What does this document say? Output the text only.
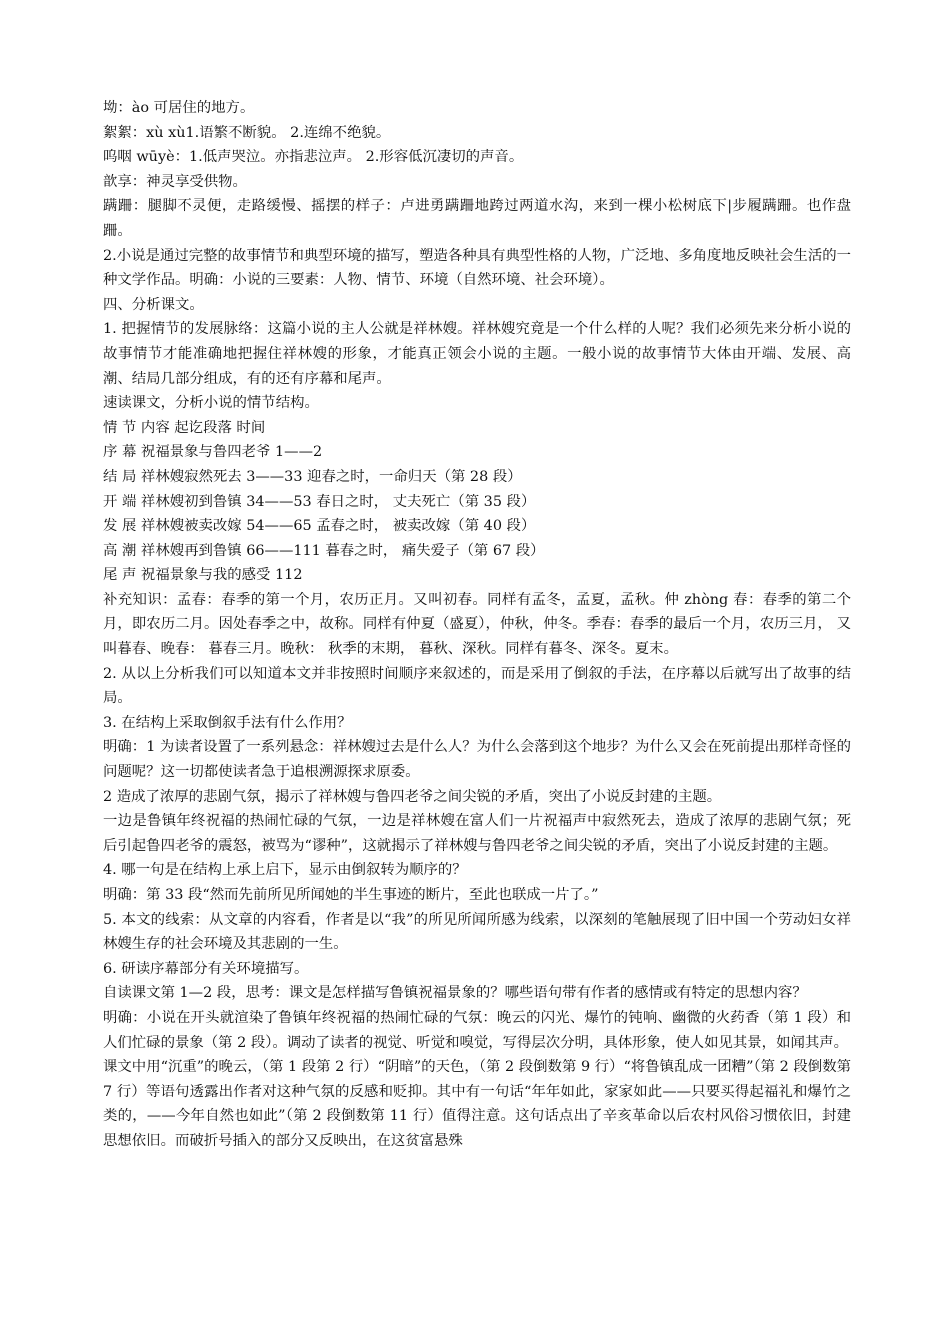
坳：ào 可居住的地方。

絮絮：xù xù1.语繁不断貌。 2.连绵不绝貌。

呜咽 wūyè：1.低声哭泣。亦指悲泣声。 2.形容低沉凄切的声音。

歆享：神灵享受供物。

蹒跚：腿脚不灵便，走路缓慢、摇摆的样子：卢进勇蹒跚地跨过两道水沟，来到一棵小松树底下|步履蹒跚。也作盘跚。

2.小说是通过完整的故事情节和典型环境的描写，塑造各种具有典型性格的人物，广泛地、多角度地反映社会生活的一种文学作品。明确：小说的三要素：人物、情节、环境（自然环境、社会环境）。

四、分析课文。

1. 把握情节的发展脉络：这篇小说的主人公就是祥林嫂。祥林嫂究竟是一个什么样的人呢？我们必须先来分析小说的故事情节才能准确地把握住祥林嫂的形象，才能真正领会小说的主题。一般小说的故事情节大体由开端、发展、高潮、结局几部分组成，有的还有序幕和尾声。

速读课文，分析小说的情节结构。

情 节 内容 起讫段落 时间

序 幕 祝福景象与鲁四老爷 1——2

结 局 祥林嫂寂然死去 3——33 迎春之时，一命归天（第 28 段）

开 端 祥林嫂初到鲁镇 34——53 春日之时， 丈夫死亡（第 35 段）

发 展 祥林嫂被卖改嫁 54——65 孟春之时， 被卖改嫁（第 40 段）

高 潮 祥林嫂再到鲁镇 66——111 暮春之时， 痛失爱子（第 67 段）

尾 声 祝福景象与我的感受 112

补充知识：孟春：春季的第一个月，农历正月。又叫初春。同样有孟冬，孟夏，孟秋。仲 zhòng 春：春季的第二个月，即农历二月。因处春季之中，故称。同样有仲夏（盛夏），仲秋，仲冬。季春：春季的最后一个月，农历三月， 又叫暮春、晚春： 暮春三月。晚秋： 秋季的末期， 暮秋、深秋。同样有暮冬、深冬。夏末。

2. 从以上分析我们可以知道本文并非按照时间顺序来叙述的，而是采用了倒叙的手法，在序幕以后就写出了故事的结局。

3. 在结构上采取倒叙手法有什么作用？

明确：1 为读者设置了一系列悬念：祥林嫂过去是什么人？为什么会落到这个地步？为什么又会在死前提出那样奇怪的问题呢？这一切都使读者急于追根溯源探求原委。

2 造成了浓厚的悲剧气氛，揭示了祥林嫂与鲁四老爷之间尖锐的矛盾，突出了小说反封建的主题。

一边是鲁镇年终祝福的热闹忙碌的气氛，一边是祥林嫂在富人们一片祝福声中寂然死去，造成了浓厚的悲剧气氛；死后引起鲁四老爷的震怒，被骂为“谬种”，这就揭示了祥林嫂与鲁四老爷之间尖锐的矛盾，突出了小说反封建的主题。

4. 哪一句是在结构上承上启下，显示由倒叙转为顺序的？

明确：第 33 段“然而先前所见所闻她的半生事迹的断片，至此也联成一片了。”

5. 本文的线索：从文章的内容看，作者是以“我”的所见所闻所感为线索，以深刻的笔触展现了旧中国一个劳动妇女祥林嫂生存的社会环境及其悲剧的一生。

6. 研读序幕部分有关环境描写。

自读课文第 1—2 段，思考：课文是怎样描写鲁镇祝福景象的？哪些语句带有作者的感情或有特定的思想内容？

明确：小说在开头就渲染了鲁镇年终祝福的热闹忙碌的气氛：晚云的闪光、爆竹的钝响、幽微的火药香（第 1 段）和人们忙碌的景象（第 2 段）。调动了读者的视觉、听觉和嗅觉，写得层次分明，具体形象，使人如见其景，如闻其声。

课文中用“沉重”的晚云，（第 1 段第 2 行）“阴暗”的天色，（第 2 段倒数第 9 行）“将鲁镇乱成一团糟”（第 2 段倒数第 7 行）等语句透露出作者对这种气氛的反感和贬抑。其中有一句话“年年如此，家家如此——只要买得起福礼和爆竹之类的，——今年自然也如此”（第 2 段倒数第 11 行）值得注意。这句话点出了辛亥革命以后农村风俗习惯依旧，封建思想依旧。而破折号插入的部分又反映出，在这贫富悬殊
